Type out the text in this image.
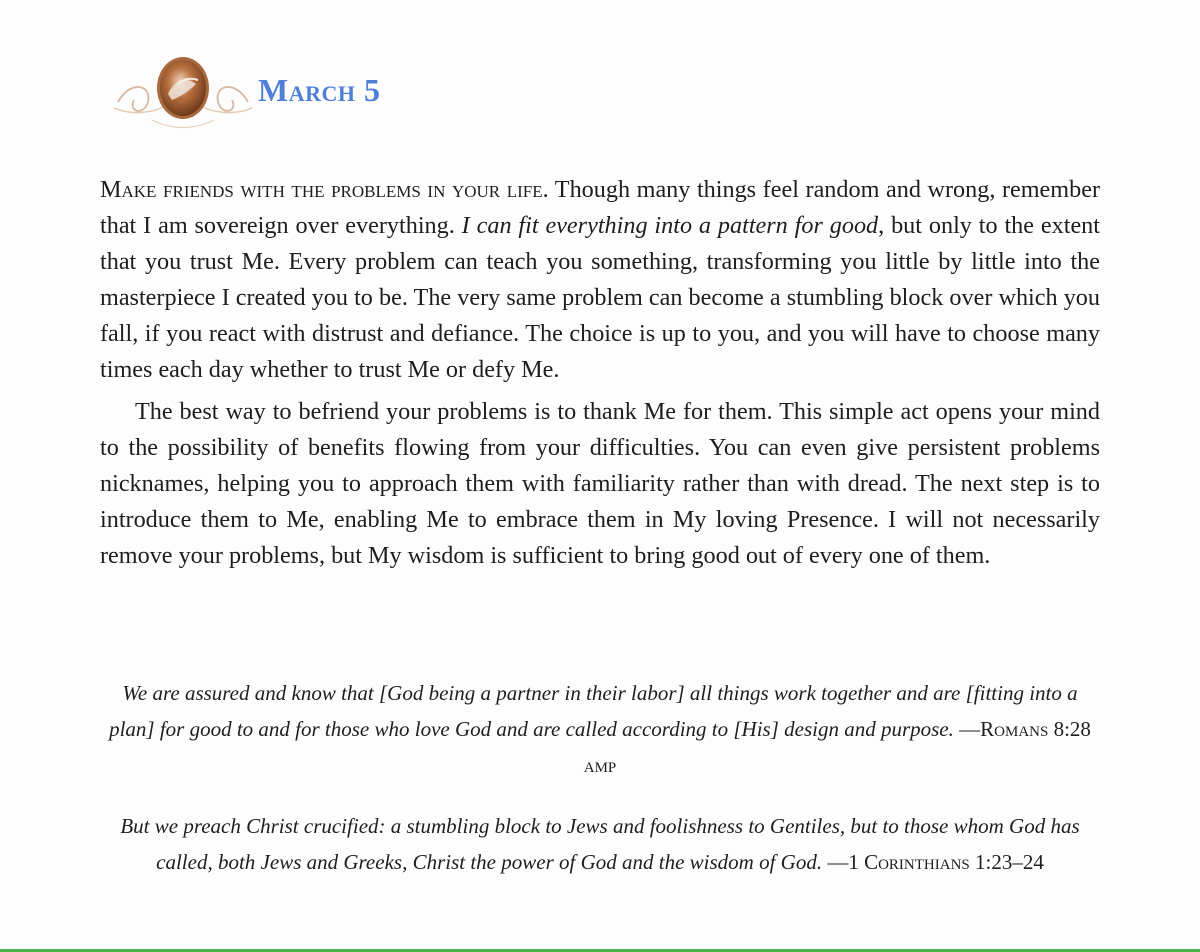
March 5

Make friends with the problems in your life. Though many things feel random and wrong, remember that I am sovereign over everything. I can fit everything into a pattern for good, but only to the extent that you trust Me. Every problem can teach you something, transforming you little by little into the masterpiece I created you to be. The very same problem can become a stumbling block over which you fall, if you react with distrust and defiance. The choice is up to you, and you will have to choose many times each day whether to trust Me or defy Me.

The best way to befriend your problems is to thank Me for them. This simple act opens your mind to the possibility of benefits flowing from your difficulties. You can even give persistent problems nicknames, helping you to approach them with familiarity rather than with dread. The next step is to introduce them to Me, enabling Me to embrace them in My loving Presence. I will not necessarily remove your problems, but My wisdom is sufficient to bring good out of every one of them.

We are assured and know that [God being a partner in their labor] all things work together and are [fitting into a plan] for good to and for those who love God and are called according to [His] design and purpose. —Romans 8:28 amp

But we preach Christ crucified: a stumbling block to Jews and foolishness to Gentiles, but to those whom God has called, both Jews and Greeks, Christ the power of God and the wisdom of God. —1 Corinthians 1:23–24
